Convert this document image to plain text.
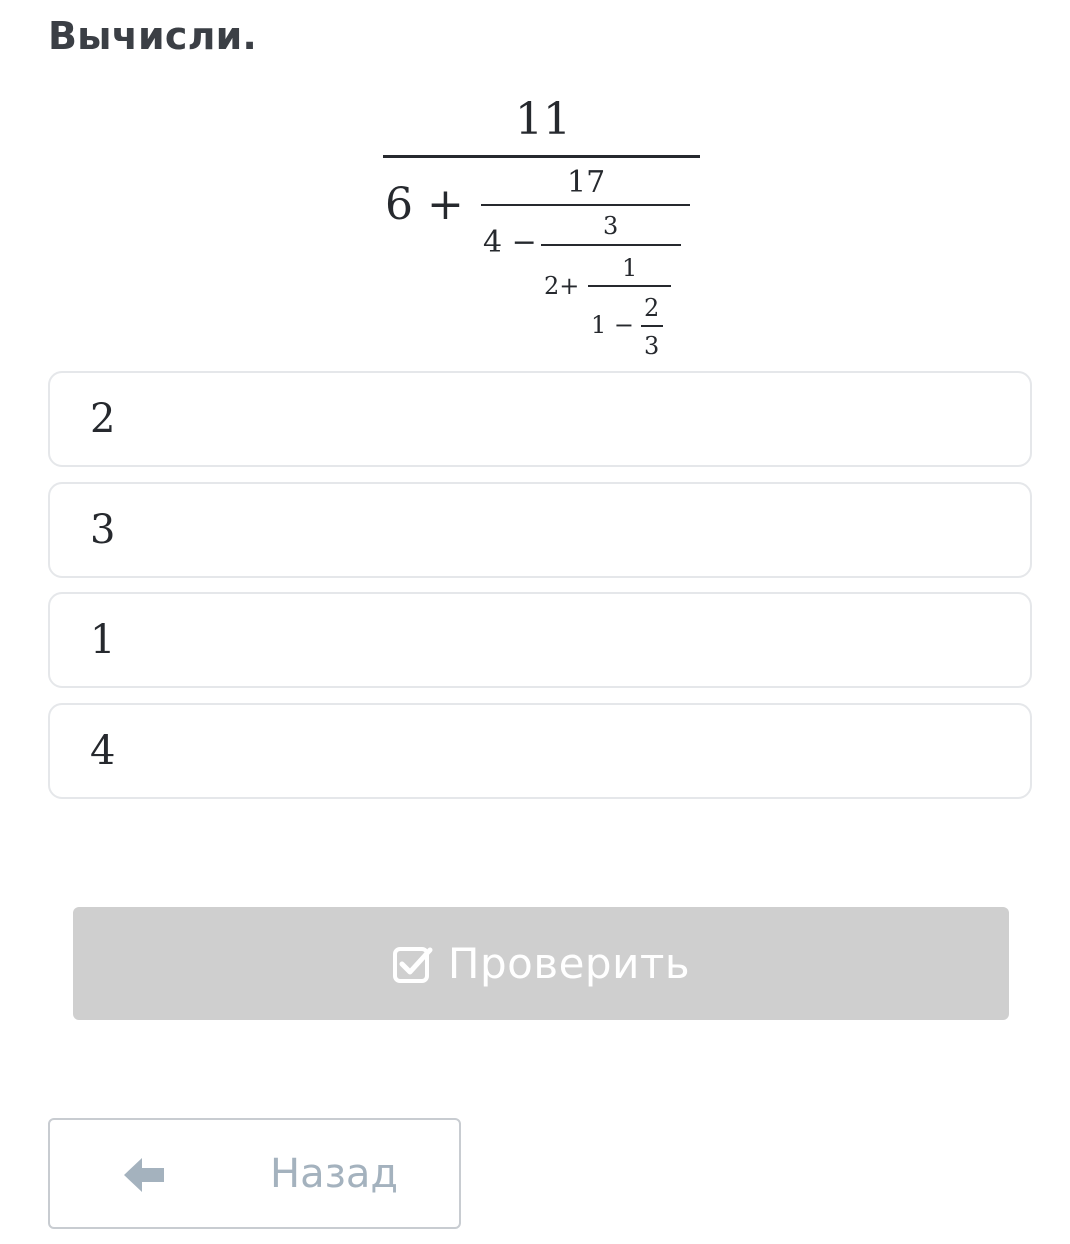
Вычисли.
11
6 +	17
4 −	3
2+
1
1 −
2
3
2
3
1
4
Проверить
Назад
